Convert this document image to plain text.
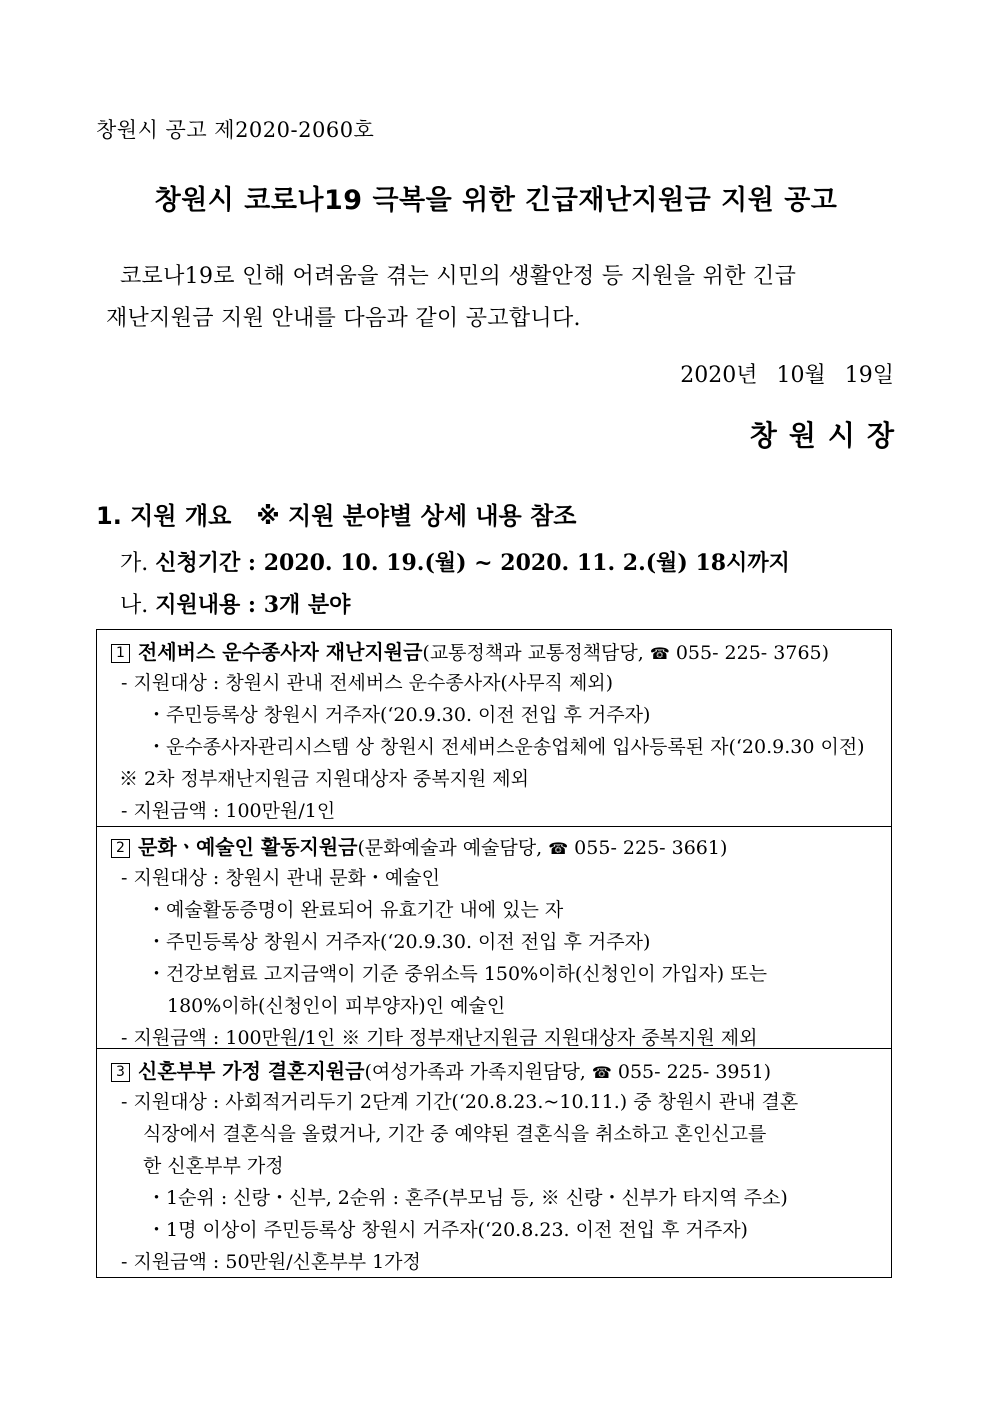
창원시 공고 제2020-2060호
창원시 코로나19 극복을 위한 긴급재난지원금 지원 공고
코로나19로 인해 어려움을 겪는 시민의 생활안정 등 지원을 위한 긴급
재난지원금 지원 안내를 다음과 같이 공고합니다.
2020년 10월 19일
창원시장
1. 지원 개요   ※ 지원 분야별 상세 내용 참조
가. 신청기간 : 2020. 10. 19.(월) ~ 2020. 11. 2.(월) 18시까지
나. 지원내용 : 3개 분야
1 전세버스 운수종사자 재난지원금(교통정책과 교통정책담당, ☎ 055- 225- 3765)
- 지원대상 : 창원시 관내 전세버스 운수종사자(사무직 제외)
・주민등록상 창원시 거주자(‘20.9.30. 이전 전입 후 거주자)
・운수종사자관리시스템 상 창원시 전세버스운송업체에 입사등록된 자(‘20.9.30 이전)
※ 2차 정부재난지원금 지원대상자 중복지원 제외
- 지원금액 : 100만원/1인
2 문화ㆍ예술인 활동지원금(문화예술과 예술담당, ☎ 055- 225- 3661)
- 지원대상 : 창원시 관내 문화・예술인
・예술활동증명이 완료되어 유효기간 내에 있는 자
・주민등록상 창원시 거주자(‘20.9.30. 이전 전입 후 거주자)
・건강보험료 고지금액이 기준 중위소득 150%이하(신청인이 가입자) 또는
180%이하(신청인이 피부양자)인 예술인
- 지원금액 : 100만원/1인 ※ 기타 정부재난지원금 지원대상자 중복지원 제외
3 신혼부부 가정 결혼지원금(여성가족과 가족지원담당, ☎ 055- 225- 3951)
- 지원대상 : 사회적거리두기 2단계 기간(‘20.8.23.~10.11.) 중 창원시 관내 결혼
식장에서 결혼식을 올렸거나, 기간 중 예약된 결혼식을 취소하고 혼인신고를
한 신혼부부 가정
・1순위 : 신랑・신부, 2순위 : 혼주(부모님 등, ※ 신랑・신부가 타지역 주소)
・1명 이상이 주민등록상 창원시 거주자(‘20.8.23. 이전 전입 후 거주자)
- 지원금액 : 50만원/신혼부부 1가정
